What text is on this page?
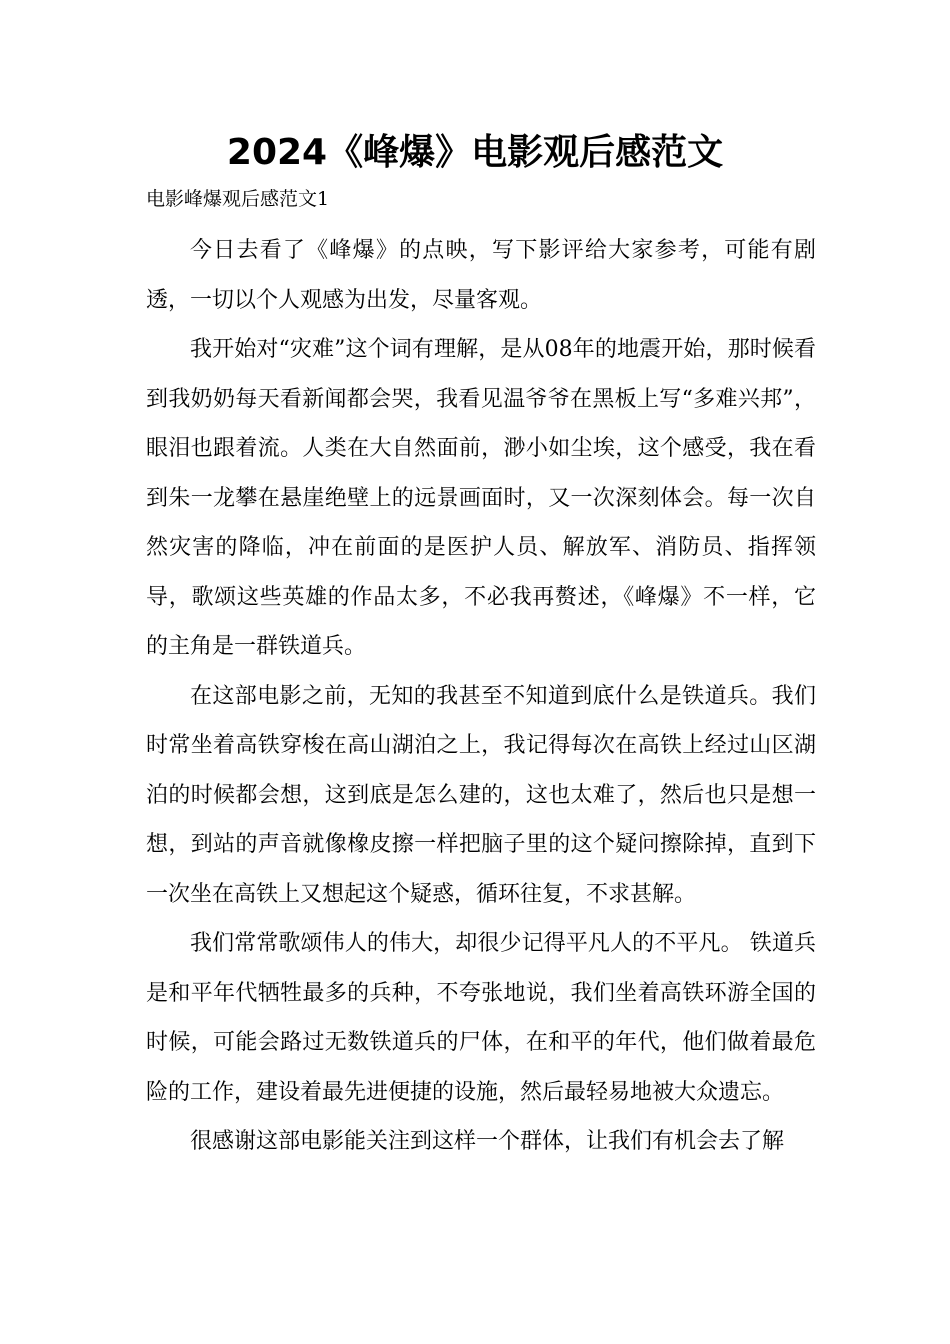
2024《峰爆》电影观后感范文

电影峰爆观后感范文1

今日去看了《峰爆》的点映，写下影评给大家参考，可能有剧透，一切以个人观感为出发，尽量客观。

我开始对“灾难”这个词有理解，是从08年的地震开始，那时候看到我奶奶每天看新闻都会哭，我看见温爷爷在黑板上写“多难兴邦”，眼泪也跟着流。人类在大自然面前，渺小如尘埃，这个感受，我在看到朱一龙攀在悬崖绝壁上的远景画面时，又一次深刻体会。每一次自然灾害的降临，冲在前面的是医护人员、解放军、消防员、指挥领导，歌颂这些英雄的作品太多，不必我再赘述，《峰爆》不一样，它的主角是一群铁道兵。

在这部电影之前，无知的我甚至不知道到底什么是铁道兵。我们时常坐着高铁穿梭在高山湖泊之上，我记得每次在高铁上经过山区湖泊的时候都会想，这到底是怎么建的，这也太难了，然后也只是想一想，到站的声音就像橡皮擦一样把脑子里的这个疑问擦除掉，直到下一次坐在高铁上又想起这个疑惑，循环往复，不求甚解。

我们常常歌颂伟人的伟大，却很少记得平凡人的不平凡。 铁道兵是和平年代牺牲最多的兵种，不夸张地说，我们坐着高铁环游全国的时候，可能会路过无数铁道兵的尸体，在和平的年代，他们做着最危险的工作，建设着最先进便捷的设施，然后最轻易地被大众遗忘。

很感谢这部电影能关注到这样一个群体，让我们有机会去了解
